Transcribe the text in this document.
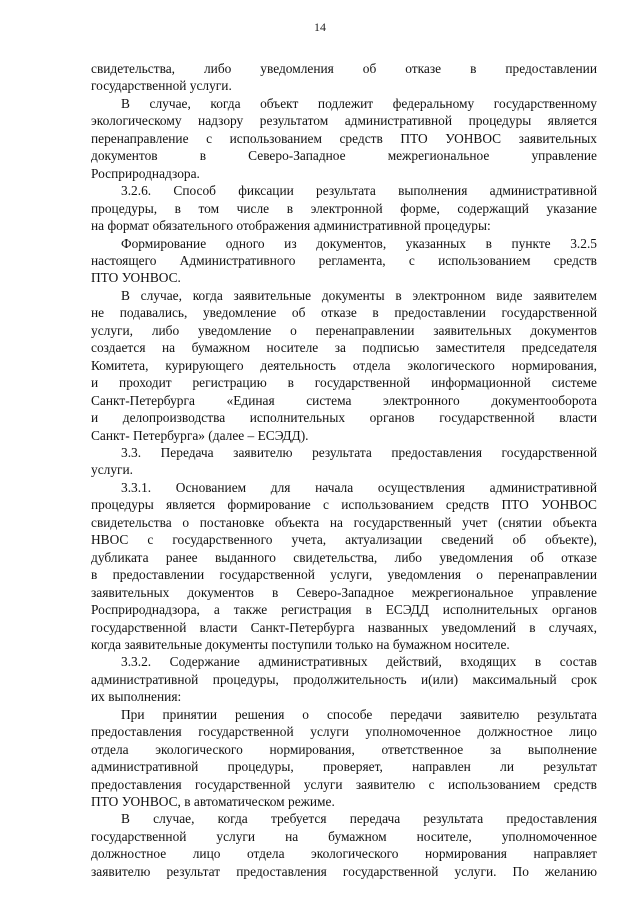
14
свидетельства, либо уведомления об отказе в предоставлении
государственной услуги.
В случае, когда объект подлежит федеральному государственному
экологическому надзору результатом административной процедуры является
перенаправление с использованием средств ПТО УОНВОС заявительных
документов в Северо-Западное межрегиональное управление
Росприроднадзора.
3.2.6. Способ фиксации результата выполнения административной
процедуры, в том числе в электронной форме, содержащий указание
на формат обязательного отображения административной процедуры:
Формирование одного из документов, указанных в пункте 3.2.5
настоящего Административного регламента, с использованием средств
ПТО УОНВОС.
В случае, когда заявительные документы в электронном виде заявителем
не подавались, уведомление об отказе в предоставлении государственной
услуги, либо уведомление о перенаправлении заявительных документов
создается на бумажном носителе за подписью заместителя председателя
Комитета, курирующего деятельность отдела экологического нормирования,
и проходит регистрацию в государственной информационной системе
Санкт-Петербурга «Единая система электронного документооборота
и делопроизводства исполнительных органов государственной власти
Санкт- Петербурга» (далее – ЕСЭДД).
3.3. Передача заявителю результата предоставления государственной
услуги.
3.3.1. Основанием для начала осуществления административной
процедуры является формирование с использованием средств ПТО УОНВОС
свидетельства о постановке объекта на государственный учет (снятии объекта
НВОС с государственного учета, актуализации сведений об объекте),
дубликата ранее выданного свидетельства, либо уведомления об отказе
в предоставлении государственной услуги, уведомления о перенаправлении
заявительных документов в Северо-Западное межрегиональное управление
Росприроднадзора, а также регистрация в ЕСЭДД исполнительных органов
государственной власти Санкт-Петербурга названных уведомлений в случаях,
когда заявительные документы поступили только на бумажном носителе.
3.3.2. Содержание административных действий, входящих в состав
административной процедуры, продолжительность и(или) максимальный срок
их выполнения:
При принятии решения о способе передачи заявителю результата
предоставления государственной услуги уполномоченное должностное лицо
отдела экологического нормирования, ответственное за выполнение
административной процедуры, проверяет, направлен ли результат
предоставления государственной услуги заявителю с использованием средств
ПТО УОНВОС, в автоматическом режиме.
В случае, когда требуется передача результата предоставления
государственной услуги на бумажном носителе, уполномоченное
должностное лицо отдела экологического нормирования направляет
заявителю результат предоставления государственной услуги. По желанию
